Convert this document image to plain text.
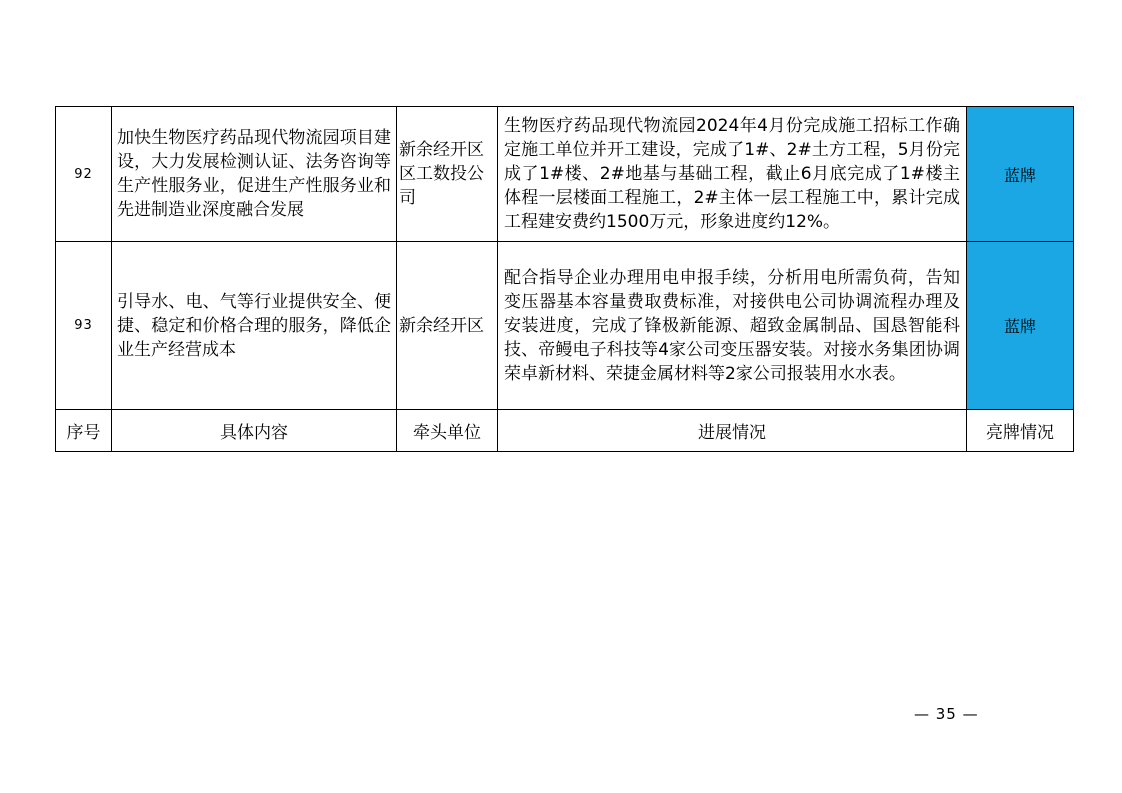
92	加快生物医疗药品现代物流园项目建设，大力发展检测认证、法务咨询等生产性服务业，促进生产性服务业和先进制造业深度融合发展	新余经开区区工数投公司	生物医疗药品现代物流园2024年4月份完成施工招标工作确定施工单位并开工建设，完成了1#、2#土方工程，5月份完成了1#楼、2#地基与基础工程，截止6月底完成了1#楼主体程一层楼面工程施工，2#主体一层工程施工中，累计完成工程建安费约1500万元，形象进度约12%。	蓝牌
93	引导水、电、气等行业提供安全、便捷、稳定和价格合理的服务，降低企业生产经营成本	新余经开区	配合指导企业办理用电申报手续，分析用电所需负荷，告知变压器基本容量费取费标准，对接供电公司协调流程办理及安装进度，完成了锋极新能源、超致金属制品、国恳智能科技、帝鳗电子科技等4家公司变压器安装。对接水务集团协调荣卓新材料、荣捷金属材料等2家公司报装用水水表。	蓝牌
序号	具体内容	牵头单位	进展情况	亮牌情况
— 35 —
